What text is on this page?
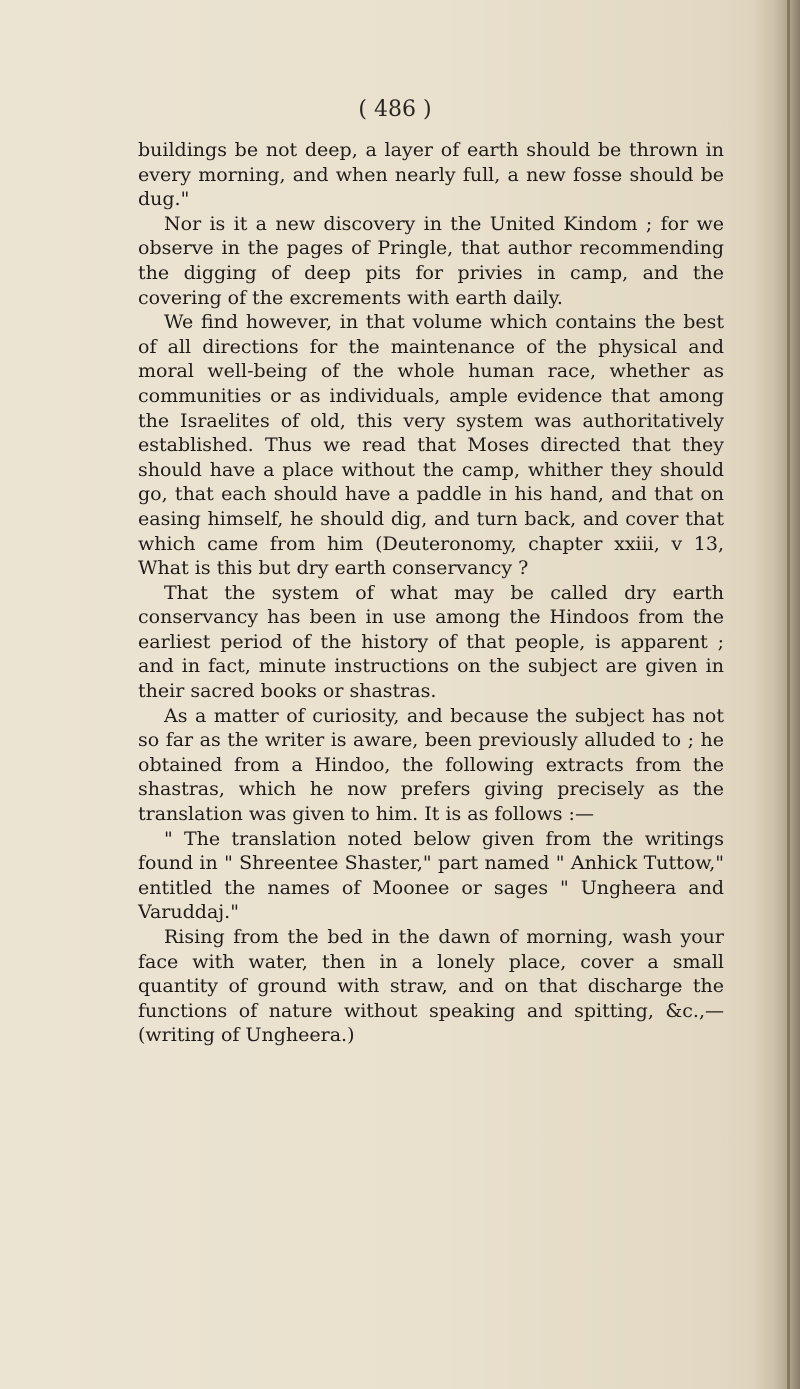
( 486 )

buildings be not deep, a layer of earth should be thrown in every morning, and when nearly full, a new fosse should be dug."

Nor is it a new discovery in the United Kindom ; for we observe in the pages of Pringle, that author recommending the digging of deep pits for privies in camp, and the covering of the excrements with earth daily.

We find however, in that volume which contains the best of all directions for the maintenance of the physical and moral well-being of the whole human race, whether as communities or as individuals, ample evidence that among the Israelites of old, this very system was authoritatively established. Thus we read that Moses directed that they should have a place without the camp, whither they should go, that each should have a paddle in his hand, and that on easing himself, he should dig, and turn back, and cover that which came from him (Deuteronomy, chapter xxiii, v 13, What is this but dry earth conservancy ?

That the system of what may be called dry earth conservancy has been in use among the Hindoos from the earliest period of the history of that people, is apparent ; and in fact, minute instructions on the subject are given in their sacred books or shastras.

As a matter of curiosity, and because the subject has not so far as the writer is aware, been previously alluded to ; he obtained from a Hindoo, the following extracts from the shastras, which he now prefers giving precisely as the translation was given to him. It is as follows :—

" The translation noted below given from the writings found in " Shreentee Shaster," part named " Anhick Tuttow," entitled the names of Moonee or sages " Ungheera and Varuddaj."

Rising from the bed in the dawn of morning, wash your face with water, then in a lonely place, cover a small quantity of ground with straw, and on that discharge the functions of nature without speaking and spitting, &c.,—(writing of Ungheera.)
